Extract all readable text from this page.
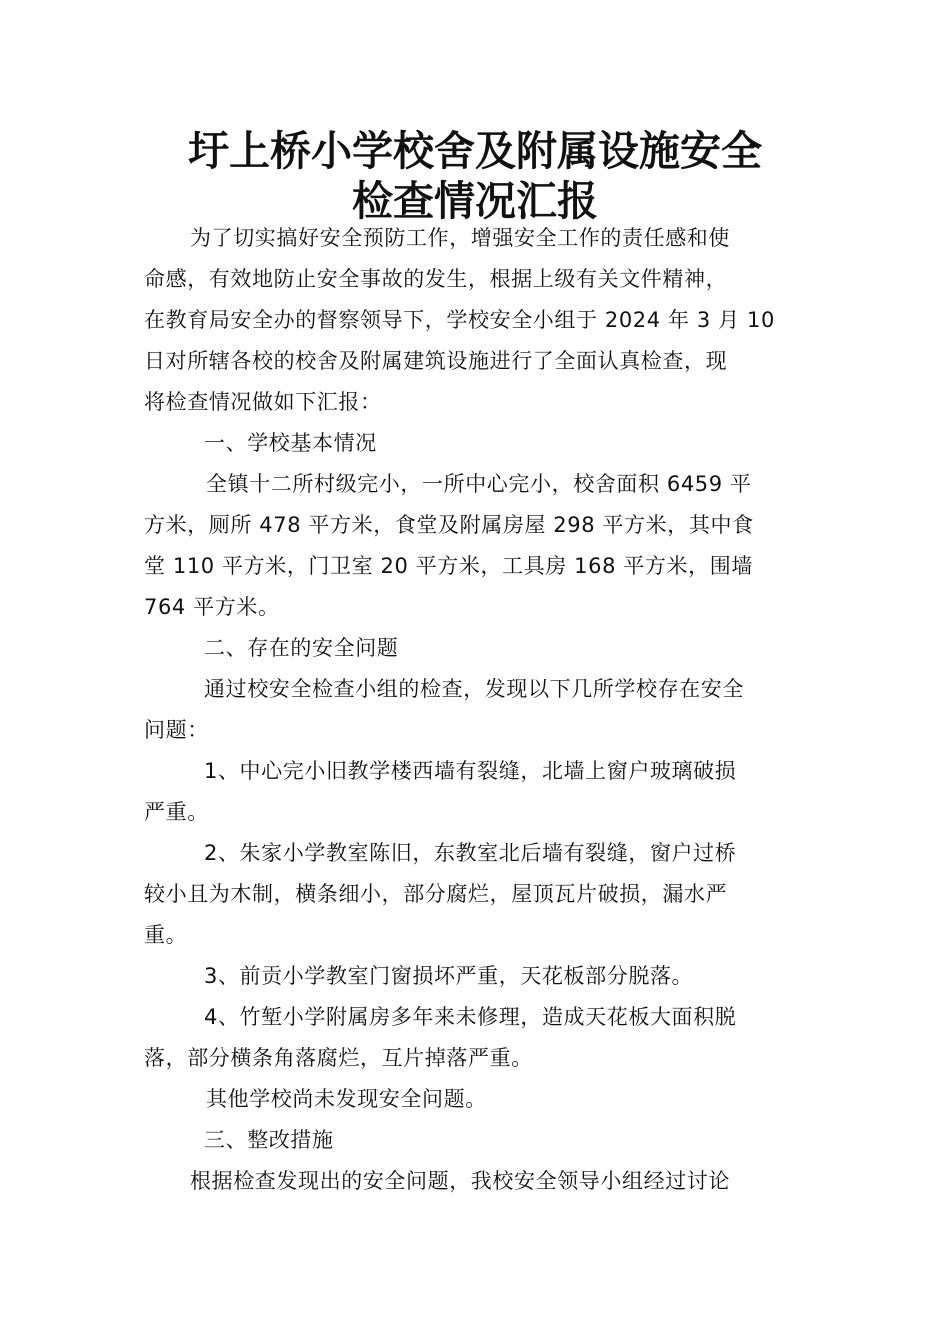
圩上桥小学校舍及附属设施安全
检查情况汇报
为了切实搞好安全预防工作，增强安全工作的责任感和使
命感，有效地防止安全事故的发生，根据上级有关文件精神，
在教育局安全办的督察领导下，学校安全小组于 2024 年 3 月 10
日对所辖各校的校舍及附属建筑设施进行了全面认真检查，现
将检查情况做如下汇报：
一、学校基本情况
全镇十二所村级完小，一所中心完小，校舍面积 6459 平
方米，厕所 478 平方米，食堂及附属房屋 298 平方米，其中食
堂 110 平方米，门卫室 20 平方米，工具房 168 平方米，围墙
764 平方米。
二、存在的安全问题
通过校安全检查小组的检查，发现以下几所学校存在安全
问题：
1、中心完小旧教学楼西墙有裂缝，北墙上窗户玻璃破损
严重。
2、朱家小学教室陈旧，东教室北后墙有裂缝，窗户过桥
较小且为木制，横条细小，部分腐烂，屋顶瓦片破损，漏水严
重。
3、前贡小学教室门窗损坏严重，天花板部分脱落。
4、竹堑小学附属房多年来未修理，造成天花板大面积脱
落，部分横条角落腐烂，互片掉落严重。
其他学校尚未发现安全问题。
三、整改措施
根据检查发现出的安全问题，我校安全领导小组经过讨论
